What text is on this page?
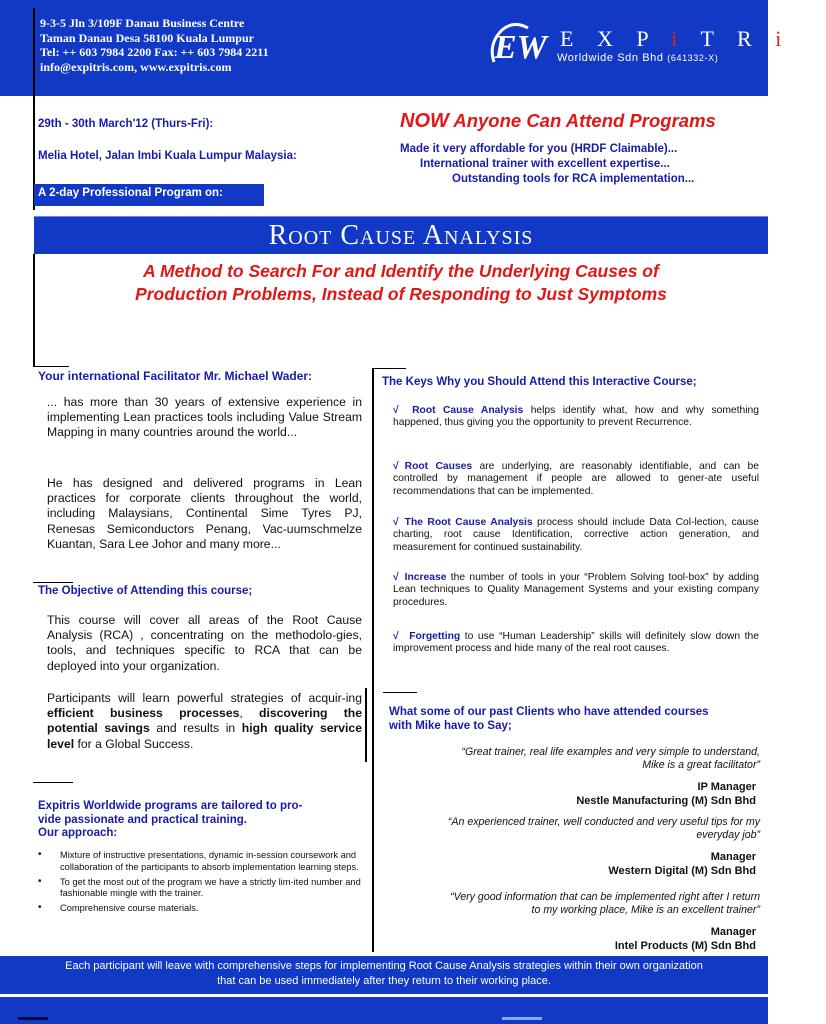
9-3-5 Jln 3/109F Danau Business Centre
Taman Danau Desa 58100 Kuala Lumpur
Tel: ++ 603 7984 2200 Fax: ++ 603 7984 2211
info@expitris.com, www.expitris.com
EW E X P i T R i S
Worldwide Sdn Bhd (641332-X)
29th - 30th March'12 (Thurs-Fri):
Melia Hotel, Jalan Imbi Kuala Lumpur Malaysia:
A 2-day Professional Program on:
NOW Anyone Can Attend Programs
Made it very affordable for you (HRDF Claimable)...
International trainer with excellent expertise...
Outstanding tools for RCA implementation...
Root Cause Analysis
A Method to Search For and Identify the Underlying Causes of
Production Problems, Instead of Responding to Just Symptoms
Your international Facilitator Mr. Michael Wader:
... has more than 30 years of extensive experience in implementing Lean practices tools including Value Stream Mapping in many countries around the world...
He has designed and delivered programs in Lean practices for corporate clients throughout the world, including Malaysians, Continental Sime Tyres PJ, Renesas Semiconductors Penang, Vac-uumschmelze Kuantan, Sara Lee Johor and many more...
The Objective of Attending this course;
This course will cover all areas of the Root Cause Analysis (RCA) , concentrating on the methodolo-gies, tools, and techniques specific to RCA that can be deployed into your organization.
Participants will learn powerful strategies of acquir-ing efficient business processes, discovering the potential savings and results in high quality service level for a Global Success.
Expitris Worldwide programs are tailored to pro-
vide passionate and practical training.
Our approach:
• Mixture of instructive presentations, dynamic in-session coursework and collaboration of the participants to absorb implementation learning steps.
• To get the most out of the program we have a strictly lim-ited number and fashionable mingle with the trainer.
• Comprehensive course materials.
The Keys Why you Should Attend this Interactive Course;
√ Root Cause Analysis helps identify what, how and why something happened, thus giving you the opportunity to prevent Recurrence.
√ Root Causes are underlying, are reasonably identifiable, and can be controlled by management if people are allowed to gener-ate useful recommendations that can be implemented.
√ The Root Cause Analysis process should include Data Col-lection, cause charting, root cause Identification, corrective action generation, and measurement for continued sustainability.
√ Increase the number of tools in your “Problem Solving tool-box” by adding Lean techniques to Quality Management Systems and your existing company procedures.
√ Forgetting to use “Human Leadership” skills will definitely slow down the improvement process and hide many of the real root causes.
What some of our past Clients who have attended courses
with Mike have to Say;
“Great trainer, real life examples and very simple to understand,
Mike is a great facilitator”
IP Manager
Nestle Manufacturing (M) Sdn Bhd
“An experienced trainer, well conducted and very useful tips for my
everyday job”
Manager
Western Digital (M) Sdn Bhd
“Very good information that can be implemented right after I return
to my working place, Mike is an excellent trainer”
Manager
Intel Products (M) Sdn Bhd
Each participant will leave with comprehensive steps for implementing Root Cause Analysis strategies within their own organization
that can be used immediately after they return to their working place.
